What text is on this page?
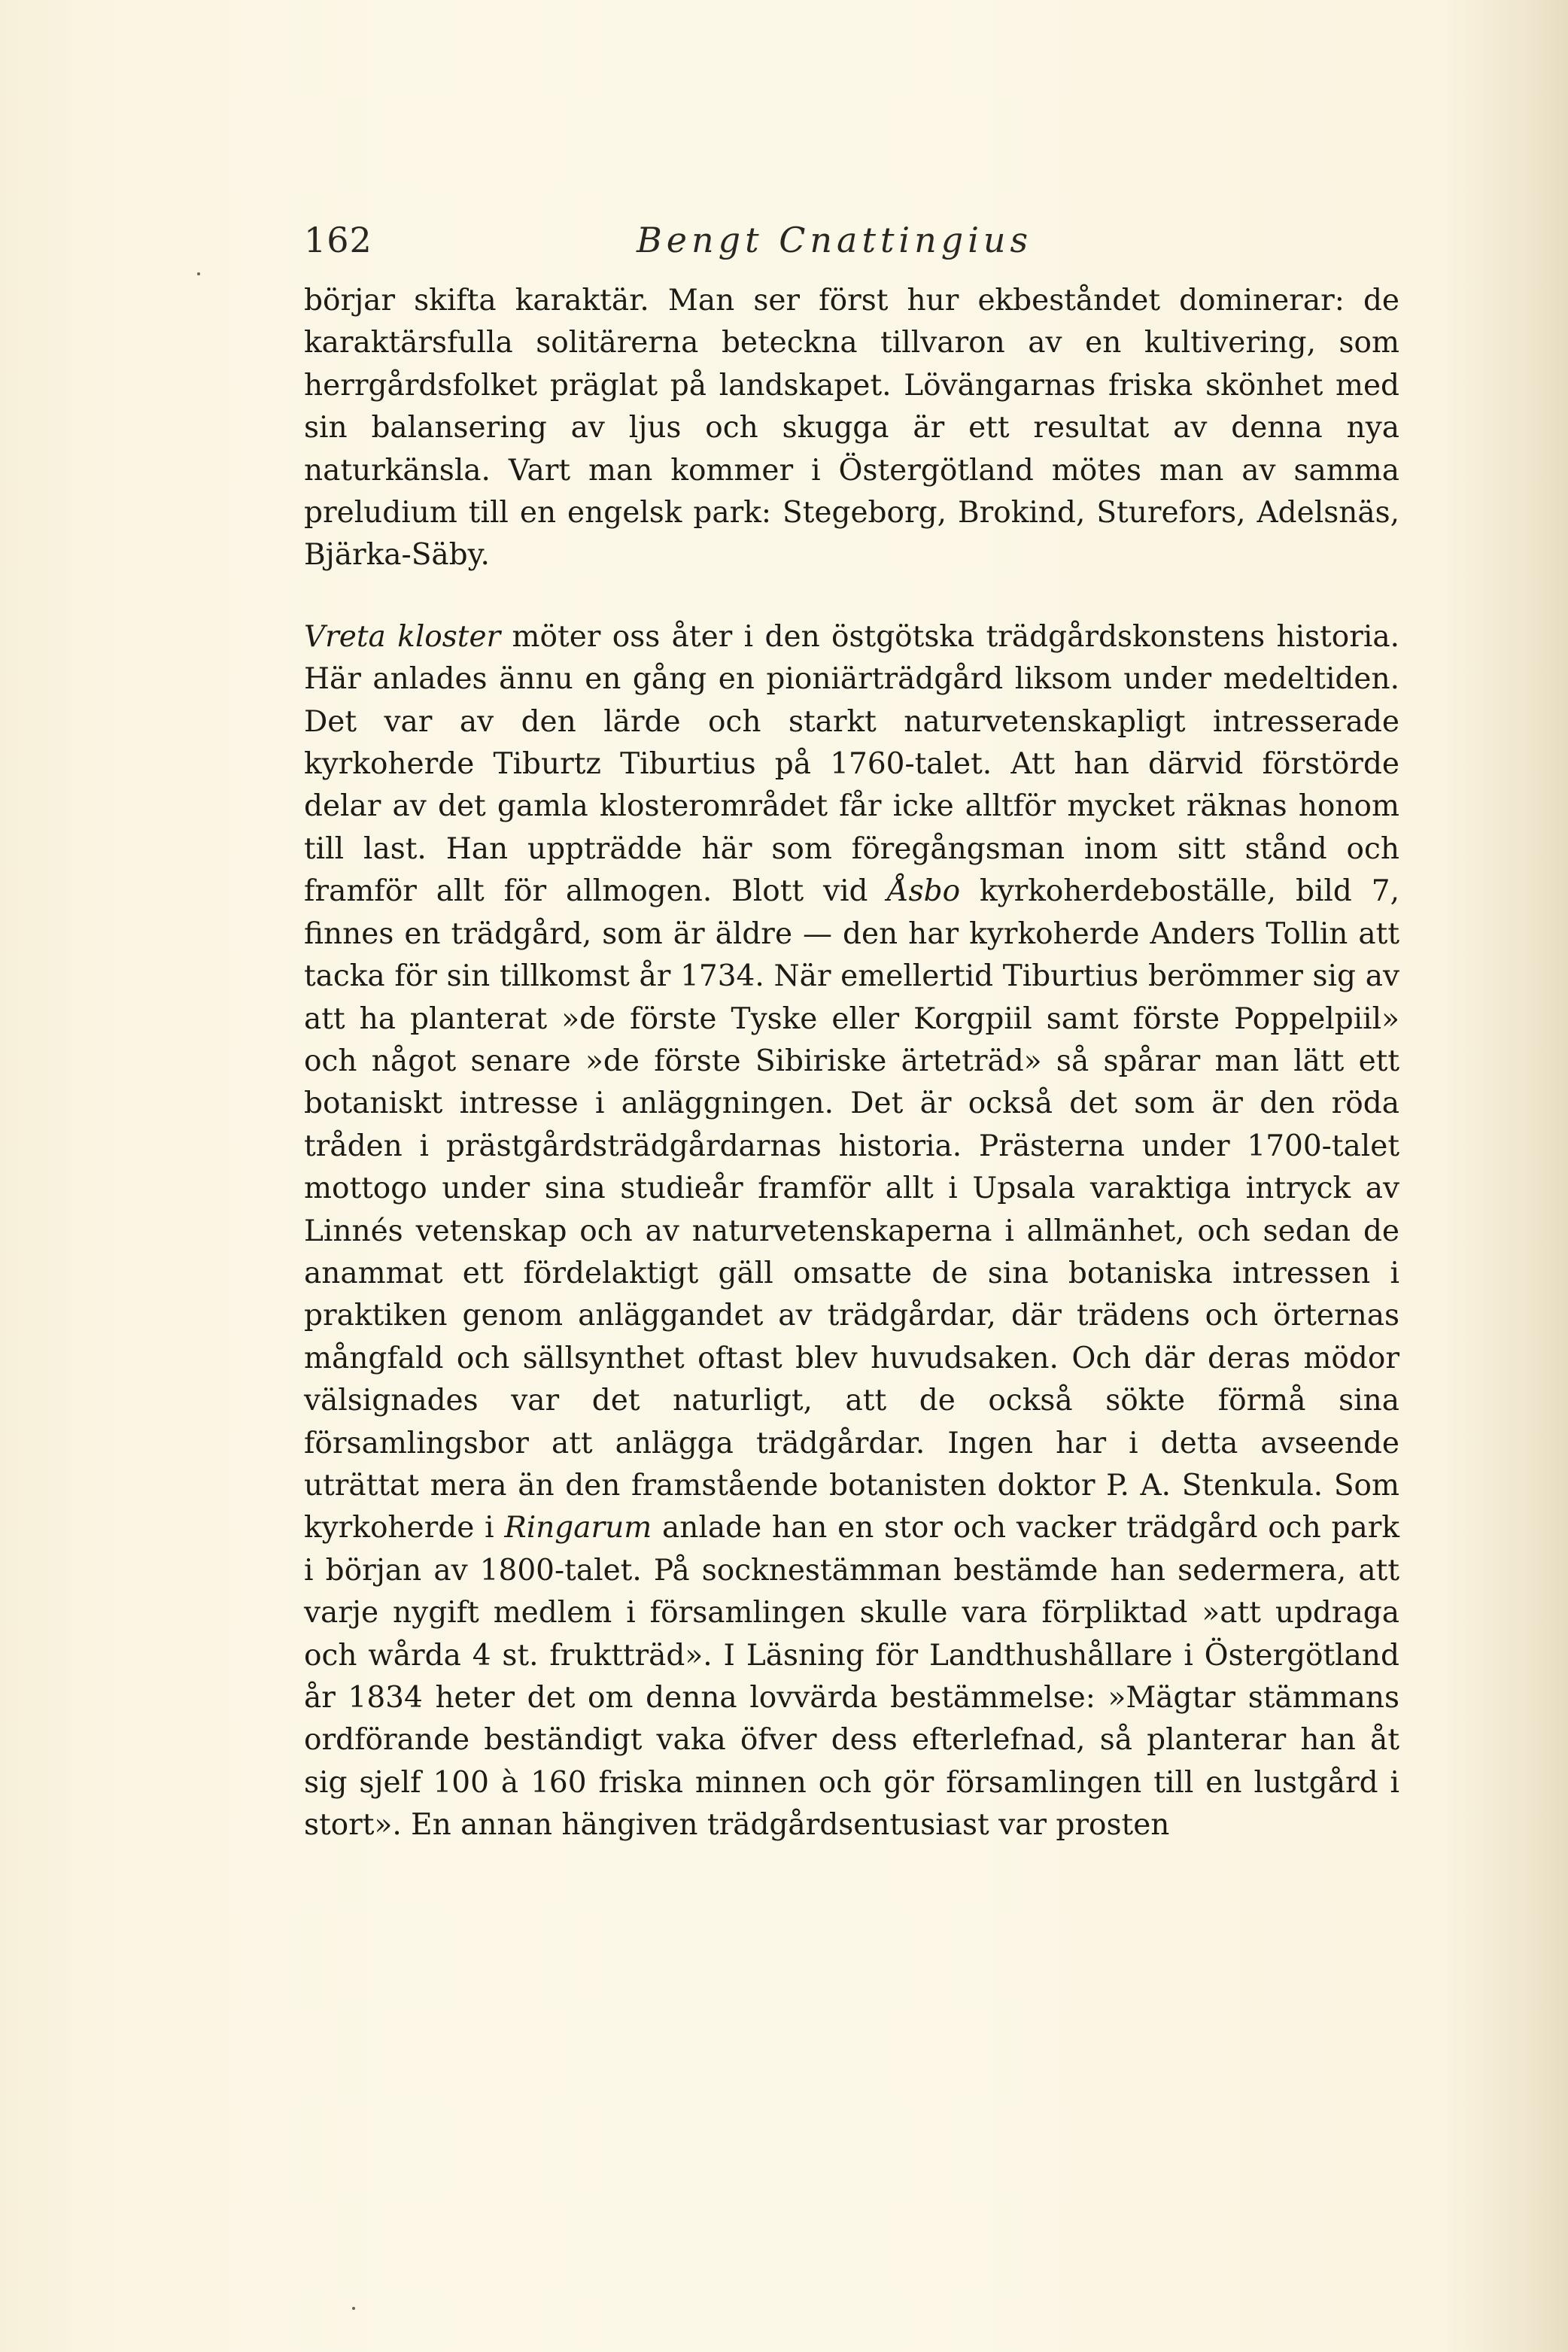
162	Bengt Cnattingius

börjar skifta karaktär. Man ser först hur ekbeståndet dominerar: de karaktärsfulla solitärerna beteckna tillvaron av en kultivering, som herrgårdsfolket präglat på landskapet. Lövängarnas friska skönhet med sin balansering av ljus och skugga är ett resultat av denna nya naturkänsla. Vart man kommer i Östergötland mötes man av samma preludium till en engelsk park: Stegeborg, Brokind, Sturefors, Adelsnäs, Bjärka-Säby.

Vreta kloster möter oss åter i den östgötska trädgårdskonstens historia. Här anlades ännu en gång en pioniärträdgård liksom under medeltiden. Det var av den lärde och starkt naturvetenskapligt intresserade kyrkoherde Tiburtz Tiburtius på 1760-talet. Att han därvid förstörde delar av det gamla klosterområdet får icke alltför mycket räknas honom till last. Han uppträdde här som föregångsman inom sitt stånd och framför allt för allmogen. Blott vid Åsbo kyrkoherdeboställe, bild 7, finnes en trädgård, som är äldre — den har kyrkoherde Anders Tollin att tacka för sin tillkomst år 1734. När emellertid Tiburtius berömmer sig av att ha planterat »de förste Tyske eller Korgpiil samt förste Poppelpiil» och något senare »de förste Sibiriske ärteträd» så spårar man lätt ett botaniskt intresse i anläggningen. Det är också det som är den röda tråden i prästgårdsträdgårdarnas historia. Prästerna under 1700-talet mottogo under sina studieår framför allt i Upsala varaktiga intryck av Linnés vetenskap och av naturvetenskaperna i allmänhet, och sedan de anammat ett fördelaktigt gäll omsatte de sina botaniska intressen i praktiken genom anläggandet av trädgårdar, där trädens och örternas mångfald och sällsynthet oftast blev huvudsaken. Och där deras mödor välsignades var det naturligt, att de också sökte förmå sina församlingsbor att anlägga trädgårdar. Ingen har i detta avseende uträttat mera än den framstående botanisten doktor P. A. Stenkula. Som kyrkoherde i Ringarum anlade han en stor och vacker trädgård och park i början av 1800-talet. På socknestämman bestämde han sedermera, att varje nygift medlem i församlingen skulle vara förpliktad »att updraga och wårda 4 st. fruktträd». I Läsning för Landthushållare i Östergötland år 1834 heter det om denna lovvärda bestämmelse: »Mägtar stämmans ordförande beständigt vaka öfver dess efterlefnad, så planterar han åt sig sjelf 100 à 160 friska minnen och gör församlingen till en lustgård i stort». En annan hängiven trädgårdsentusiast var prosten
